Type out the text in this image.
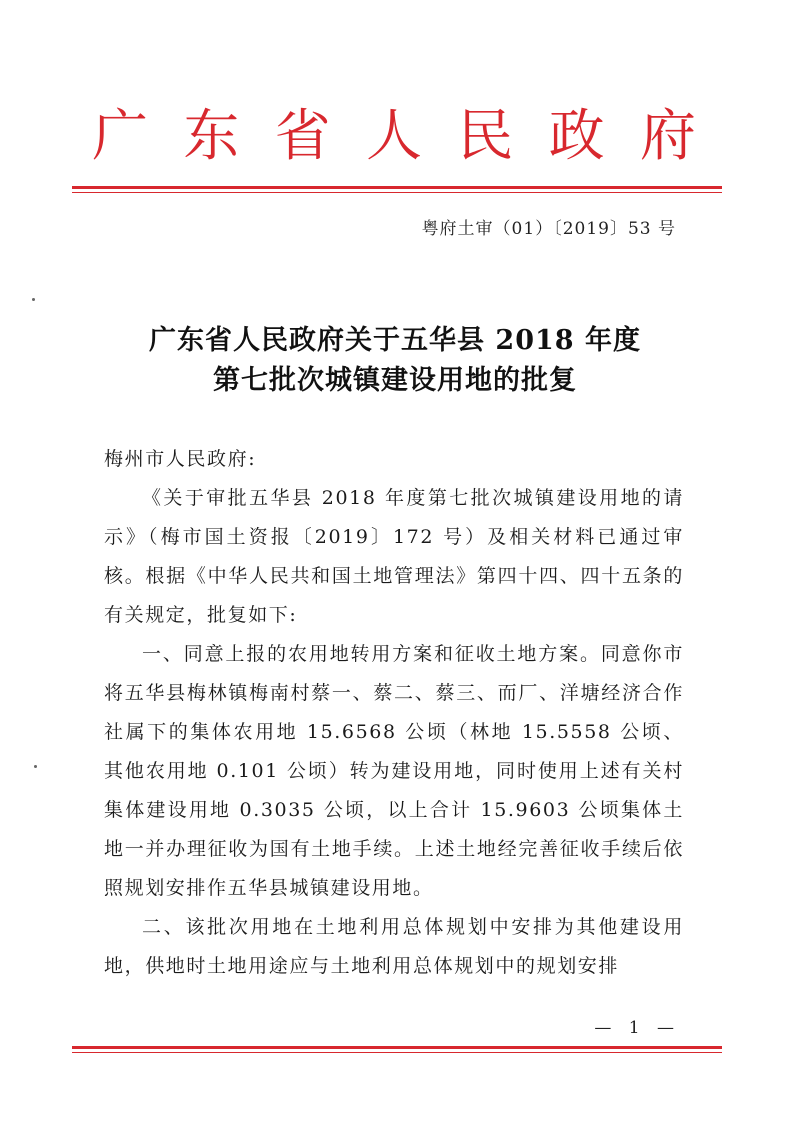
广 东 省 人 民 政 府
粤府土审（01）〔2019〕53 号
广东省人民政府关于五华县 2018 年度
第七批次城镇建设用地的批复

梅州市人民政府:

《关于审批五华县 2018 年度第七批次城镇建设用地的请示》（梅市国土资报〔2019〕172 号）及相关材料已通过审核。根据《中华人民共和国土地管理法》第四十四、四十五条的有关规定，批复如下:

一、同意上报的农用地转用方案和征收土地方案。同意你市将五华县梅林镇梅南村蔡一、蔡二、蔡三、而厂、洋塘经济合作社属下的集体农用地 15.6568 公顷（林地 15.5558 公顷、其他农用地 0.101 公顷）转为建设用地，同时使用上述有关村集体建设用地 0.3035 公顷，以上合计 15.9603 公顷集体土地一并办理征收为国有土地手续。上述土地经完善征收手续后依照规划安排作五华县城镇建设用地。

二、该批次用地在土地利用总体规划中安排为其他建设用地，供地时土地用途应与土地利用总体规划中的规划安排

— 1 —
